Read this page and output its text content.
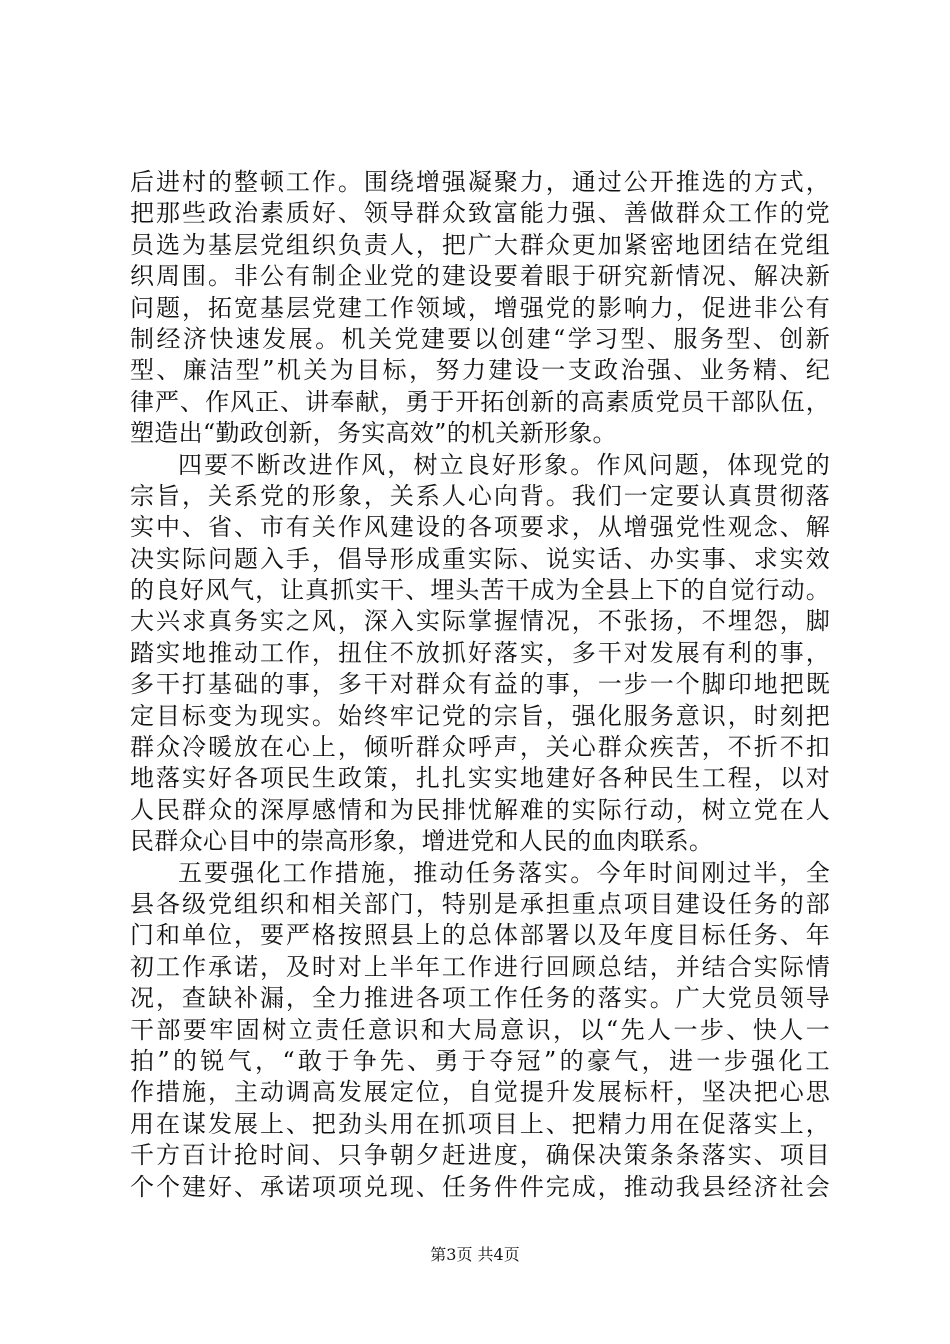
后进村的整顿工作。围绕增强凝聚力，通过公开推选的方式，
把那些政治素质好、领导群众致富能力强、善做群众工作的党
员选为基层党组织负责人，把广大群众更加紧密地团结在党组
织周围。非公有制企业党的建设要着眼于研究新情况、解决新
问题，拓宽基层党建工作领域，增强党的影响力，促进非公有
制经济快速发展。机关党建要以创建“学习型、服务型、创新
型、廉洁型”机关为目标，努力建设一支政治强、业务精、纪
律严、作风正、讲奉献，勇于开拓创新的高素质党员干部队伍，
塑造出“勤政创新，务实高效”的机关新形象。
四要不断改进作风，树立良好形象。作风问题，体现党的
宗旨，关系党的形象，关系人心向背。我们一定要认真贯彻落
实中、省、市有关作风建设的各项要求，从增强党性观念、解
决实际问题入手，倡导形成重实际、说实话、办实事、求实效
的良好风气，让真抓实干、埋头苦干成为全县上下的自觉行动。
大兴求真务实之风，深入实际掌握情况，不张扬，不埋怨，脚
踏实地推动工作，扭住不放抓好落实，多干对发展有利的事，
多干打基础的事，多干对群众有益的事，一步一个脚印地把既
定目标变为现实。始终牢记党的宗旨，强化服务意识，时刻把
群众冷暖放在心上，倾听群众呼声，关心群众疾苦，不折不扣
地落实好各项民生政策，扎扎实实地建好各种民生工程，以对
人民群众的深厚感情和为民排忧解难的实际行动，树立党在人
民群众心目中的崇高形象，增进党和人民的血肉联系。
五要强化工作措施，推动任务落实。今年时间刚过半，全
县各级党组织和相关部门，特别是承担重点项目建设任务的部
门和单位，要严格按照县上的总体部署以及年度目标任务、年
初工作承诺，及时对上半年工作进行回顾总结，并结合实际情
况，查缺补漏，全力推进各项工作任务的落实。广大党员领导
干部要牢固树立责任意识和大局意识，以“先人一步、快人一
拍”的锐气，“敢于争先、勇于夺冠”的豪气，进一步强化工
作措施，主动调高发展定位，自觉提升发展标杆，坚决把心思
用在谋发展上、把劲头用在抓项目上、把精力用在促落实上，
千方百计抢时间、只争朝夕赶进度，确保决策条条落实、项目
个个建好、承诺项项兑现、任务件件完成，推动我县经济社会
第3页 共4页
